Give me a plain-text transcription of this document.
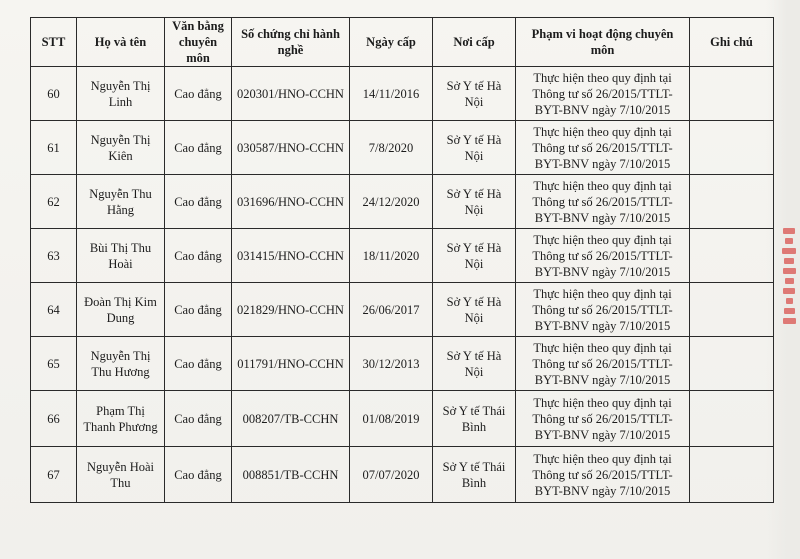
STT	Họ và tên	Văn bằng chuyên môn	Số chứng chỉ hành nghề	Ngày cấp	Nơi cấp	Phạm vi hoạt động chuyên môn	Ghi chú
60	Nguyễn Thị Linh	Cao đẳng	020301/HNO-CCHN	14/11/2016	Sở Y tế Hà Nội	Thực hiện theo quy định tại Thông tư số 26/2015/TTLT-BYT-BNV ngày 7/10/2015	
61	Nguyễn Thị Kiên	Cao đẳng	030587/HNO-CCHN	7/8/2020	Sở Y tế Hà Nội	Thực hiện theo quy định tại Thông tư số 26/2015/TTLT-BYT-BNV ngày 7/10/2015	
62	Nguyễn Thu Hằng	Cao đẳng	031696/HNO-CCHN	24/12/2020	Sở Y tế Hà Nội	Thực hiện theo quy định tại Thông tư số 26/2015/TTLT-BYT-BNV ngày 7/10/2015	
63	Bùi Thị Thu Hoài	Cao đẳng	031415/HNO-CCHN	18/11/2020	Sở Y tế Hà Nội	Thực hiện theo quy định tại Thông tư số 26/2015/TTLT-BYT-BNV ngày 7/10/2015	
64	Đoàn Thị Kim Dung	Cao đẳng	021829/HNO-CCHN	26/06/2017	Sở Y tế Hà Nội	Thực hiện theo quy định tại Thông tư số 26/2015/TTLT-BYT-BNV ngày 7/10/2015	
65	Nguyễn Thị Thu Hương	Cao đẳng	011791/HNO-CCHN	30/12/2013	Sở Y tế Hà Nội	Thực hiện theo quy định tại Thông tư số 26/2015/TTLT-BYT-BNV ngày 7/10/2015	
66	Phạm Thị Thanh Phương	Cao đẳng	008207/TB-CCHN	01/08/2019	Sở Y tế Thái Bình	Thực hiện theo quy định tại Thông tư số 26/2015/TTLT-BYT-BNV ngày 7/10/2015	
67	Nguyễn Hoài Thu	Cao đẳng	008851/TB-CCHN	07/07/2020	Sở Y tế Thái Bình	Thực hiện theo quy định tại Thông tư số 26/2015/TTLT-BYT-BNV ngày 7/10/2015	
